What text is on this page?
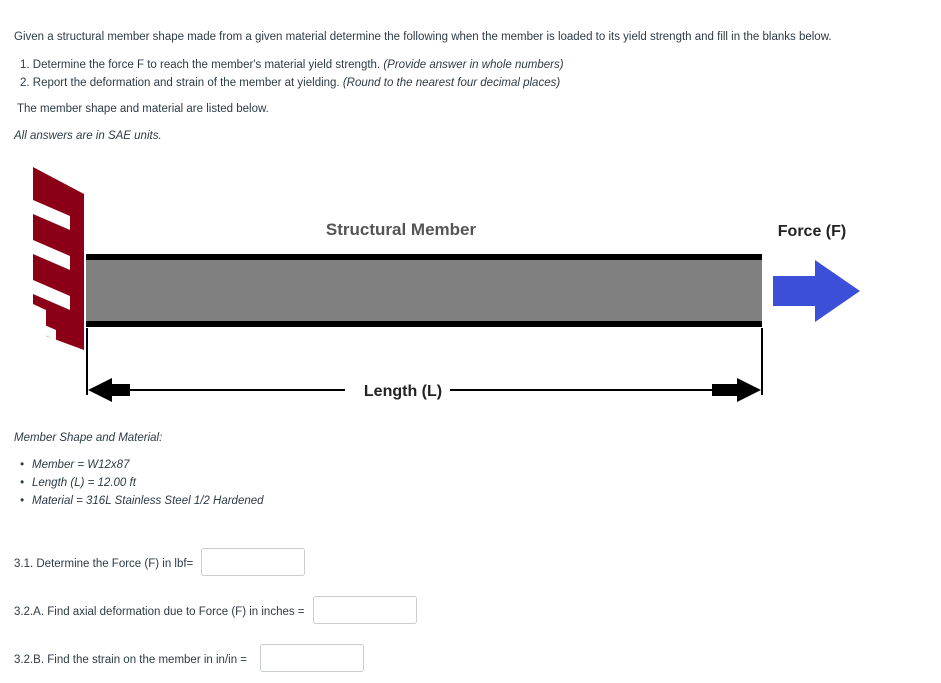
Given a structural member shape made from a given material determine the following when the member is loaded to its yield strength and fill in the blanks below.
1. Determine the force F to reach the member's material yield strength. (Provide answer in whole numbers)
2. Report the deformation and strain of the member at yielding. (Round to the nearest four decimal places)
The member shape and material are listed below.
All answers are in SAE units.
Structural Member	Force (F)
Length (L)
Member Shape and Material:
• Member = W12x87
• Length (L) = 12.00 ft
• Material = 316L Stainless Steel 1/2 Hardened
3.1. Determine the Force (F) in lbf=
3.2.A. Find axial deformation due to Force (F) in inches =
3.2.B. Find the strain on the member in in/in =
